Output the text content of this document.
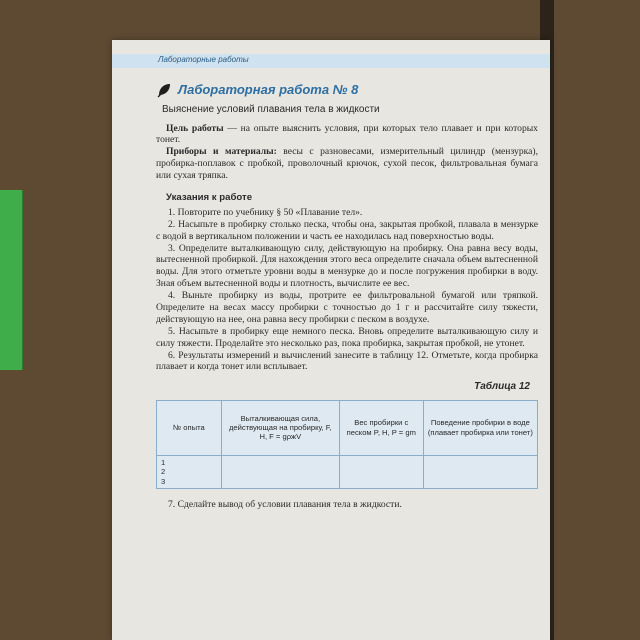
Лабораторные работы
Лабораторная работа № 8
Выяснение условий плавания тела в жидкости

Цель работы — на опыте выяснить условия, при которых тело плавает и при которых тонет.

Приборы и материалы: весы с разновесами, измерительный цилиндр (мензурка), пробирка-поплавок с пробкой, проволочный крючок, сухой песок, фильтровальная бумага или сухая тряпка.

Указания к работе

1. Повторите по учебнику § 50 «Плавание тел».

2. Насыпьте в пробирку столько песка, чтобы она, закрытая пробкой, плавала в мензурке с водой в вертикальном положении и часть ее находилась над поверхностью воды.

3. Определите выталкивающую силу, действующую на пробирку. Она равна весу воды, вытесненной пробиркой. Для нахождения этого веса определите сначала объем вытесненной воды. Для этого отметьте уровни воды в мензурке до и после погружения пробирки в воду. Зная объем вытесненной воды и плотность, вычислите ее вес.

4. Выньте пробирку из воды, протрите ее фильтровальной бумагой или тряпкой. Определите на весах массу пробирки с точностью до 1 г и рассчитайте силу тяжести, действующую на нее, она равна весу пробирки с песком в воздухе.

5. Насыпьте в пробирку еще немного песка. Вновь определите выталкивающую силу и силу тяжести. Проделайте это несколько раз, пока пробирка, закрытая пробкой, не утонет.

6. Результаты измерений и вычислений занесите в таблицу 12. Отметьте, когда пробирка плавает и когда тонет или всплывает.

Таблица 12
№ опыта	Выталкивающая сила, действующая на пробирку, F, Н, F = gρжV	Вес пробирки с песком P, Н, P = gm	Поведение пробирки в воде (плавает пробирка или тонет)

1
2
3			

7. Сделайте вывод об условии плавания тела в жидкости.
